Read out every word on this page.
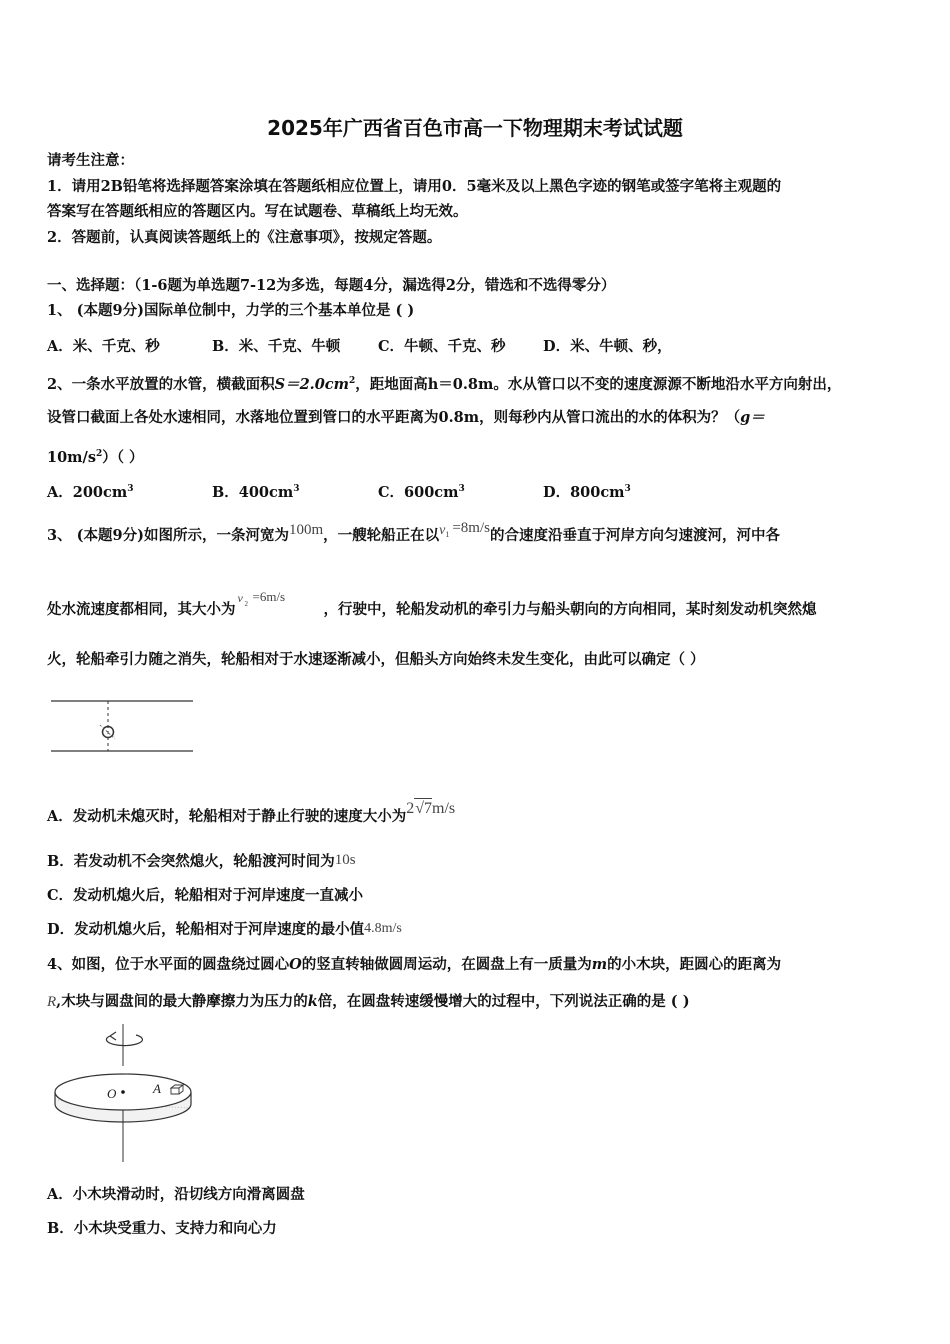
2025年广西省百色市高一下物理期末考试试题
请考生注意：
1．请用2B铅笔将选择题答案涂填在答题纸相应位置上，请用0．5毫米及以上黑色字迹的钢笔或签字笔将主观题的
答案写在答题纸相应的答题区内。写在试题卷、草稿纸上均无效。
2．答题前，认真阅读答题纸上的《注意事项》，按规定答题。
一、选择题：（1-6题为单选题7-12为多选，每题4分，漏选得2分，错选和不选得零分）
1、 (本题9分)国际单位制中，力学的三个基本单位是 ( )
A．米、千克、秒	B．米、千克、牛顿	C．牛顿、千克、秒	D．米、牛顿、秒，
2、一条水平放置的水管，横截面积$S=2.0cm^2$，距地面高h＝0.8m。水从管口以不变的速度源源不断地沿水平方向射出，
设管口截面上各处水速相同，水落地位置到管口的水平距离为0.8m，则每秒内从管口流出的水的体积为？（g＝
$10m/s^2$）（ ）
A．$200cm^3$	B．$400cm^3$	C．$600cm^3$	D．$800cm^3$
3、 (本题9分)如图所示，一条河宽为100m，一艘轮船正在以$v^1 =8m/s$的合速度沿垂直于河岸方向匀速渡河，河中各
处水流速度都相同，其大小为
v 2 =6m/s
，行驶中，轮船发动机的牵引力与船头朝向的方向相同，某时刻发动机突然熄
火，轮船牵引力随之消失，轮船相对于水速逐渐减小，但船头方向始终未发生变化，由此可以确定（ ）
·
A．发动机未熄灭时，轮船相对于静止行驶的速度大小为2√7m/s
B．若发动机不会突然熄火，轮船渡河时间为10s
C．发动机熄火后，轮船相对于河岸速度一直减小
D．发动机熄火后，轮船相对于河岸速度的最小值4.8m/s
4、如图，位于水平面的圆盘绕过圆心O的竖直转轴做圆周运动，在圆盘上有一质量为m的小木块，距圆心的距离为
R,木块与圆盘间的最大静摩擦力为压力的k倍，在圆盘转速缓慢增大的过程中，下列说法正确的是 ( )
O	A
A．小木块滑动时，沿切线方向滑离圆盘
B．小木块受重力、支持力和向心力
